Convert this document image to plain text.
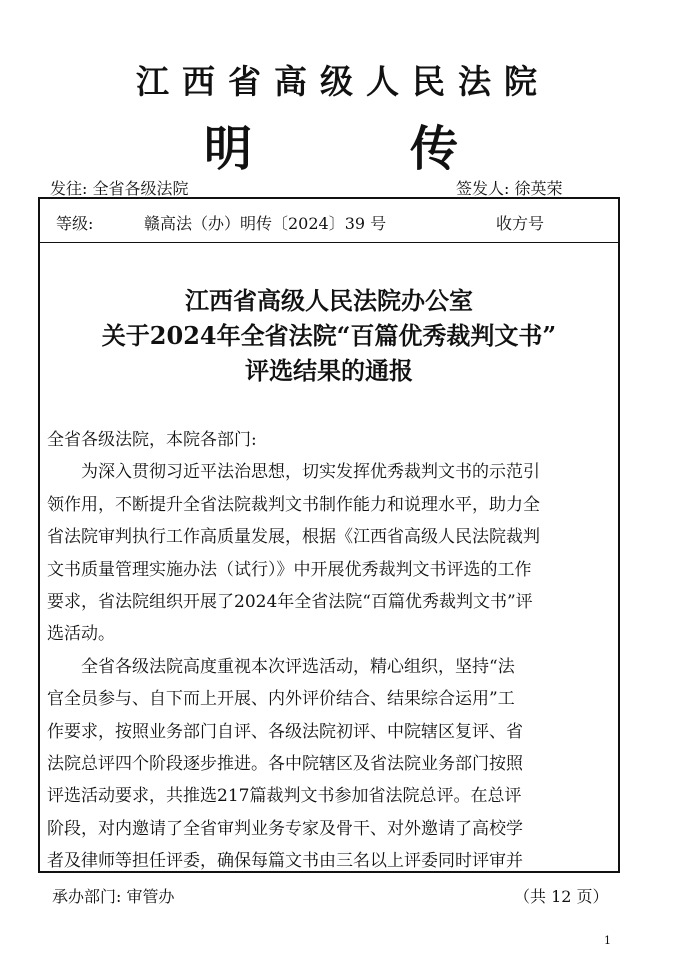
江西省高级人民法院
明	传
发往: 全省各级法院	签发人: 徐英荣
等级:	赣高法（办）明传〔2024〕39 号	收方号
江西省高级人民法院办公室
关于2024年全省法院“百篇优秀裁判文书”
评选结果的通报

全省各级法院，本院各部门:

　　为深入贯彻习近平法治思想，切实发挥优秀裁判文书的示范引

领作用，不断提升全省法院裁判文书制作能力和说理水平，助力全

省法院审判执行工作高质量发展，根据《江西省高级人民法院裁判

文书质量管理实施办法（试行）》中开展优秀裁判文书评选的工作

要求，省法院组织开展了2024年全省法院“百篇优秀裁判文书”评

选活动。

　　全省各级法院高度重视本次评选活动，精心组织，坚持“法

官全员参与、自下而上开展、内外评价结合、结果综合运用”工

作要求，按照业务部门自评、各级法院初评、中院辖区复评、省

法院总评四个阶段逐步推进。各中院辖区及省法院业务部门按照

评选活动要求，共推选217篇裁判文书参加省法院总评。在总评

阶段，对内邀请了全省审判业务专家及骨干、对外邀请了高校学

者及律师等担任评委，确保每篇文书由三名以上评委同时评审并

承办部门: 审管办	（共 12 页）
1
